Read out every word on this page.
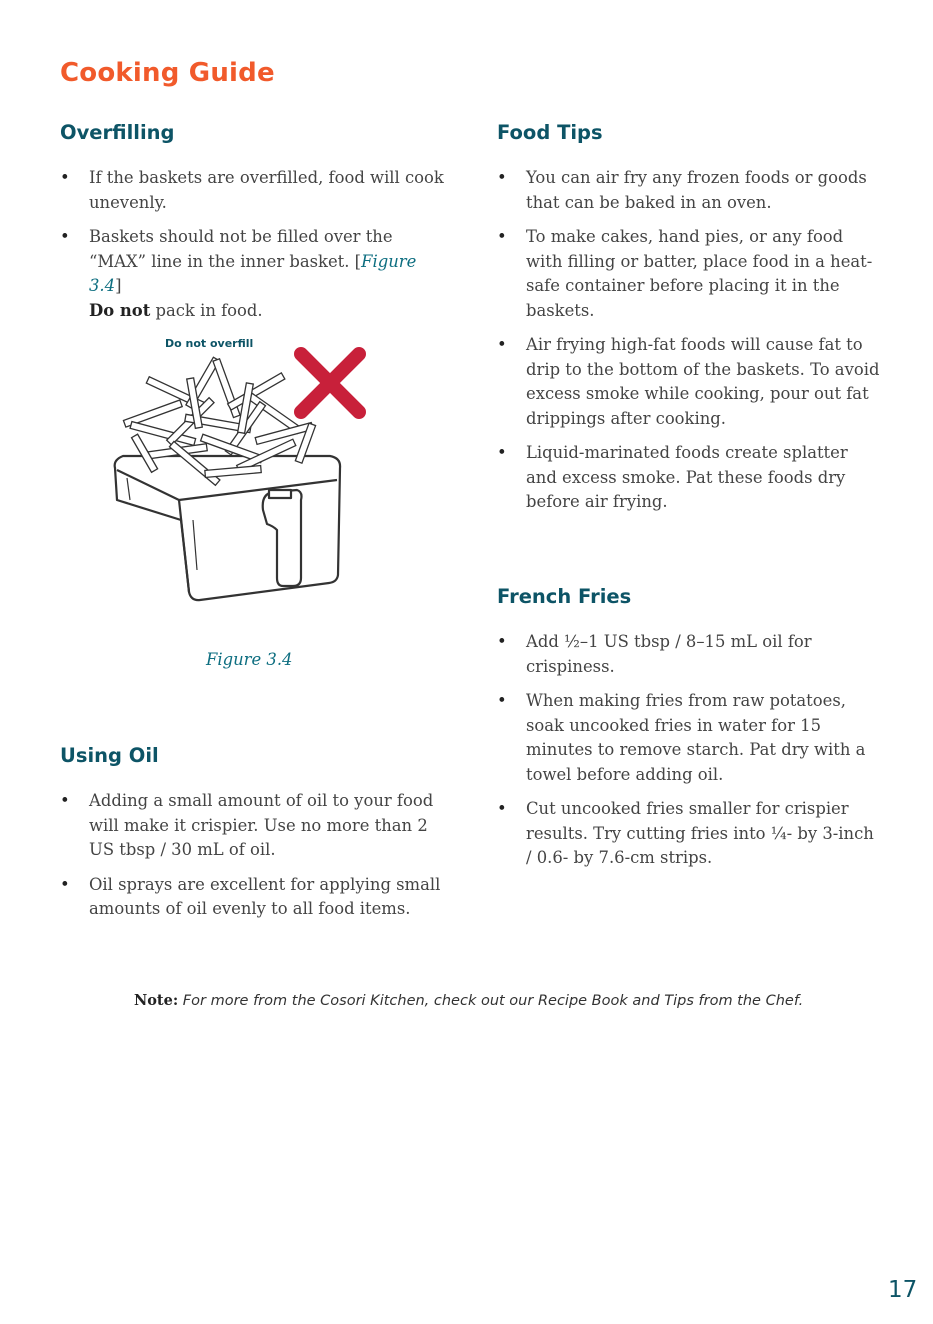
Cooking Guide
Overfilling
• If the baskets are overfilled, food will cook unevenly.
• Baskets should not be filled over the “MAX” line in the inner basket. [Figure 3.4]
Do not pack in food.
Do not overfill
Figure 3.4
Using Oil
• Adding a small amount of oil to your food will make it crispier. Use no more than 2 US tbsp / 30 mL of oil.
• Oil sprays are excellent for applying small amounts of oil evenly to all food items.
Food Tips
• You can air fry any frozen foods or goods that can be baked in an oven.
• To make cakes, hand pies, or any food with filling or batter, place food in a heat-safe container before placing it in the baskets.
• Air frying high-fat foods will cause fat to drip to the bottom of the baskets. To avoid excess smoke while cooking, pour out fat drippings after cooking.
• Liquid-marinated foods create splatter and excess smoke. Pat these foods dry before air frying.
French Fries
• Add ½–1 US tbsp / 8–15 mL oil for crispiness.
• When making fries from raw potatoes, soak uncooked fries in water for 15 minutes to remove starch. Pat dry with a towel before adding oil.
• Cut uncooked fries smaller for crispier results. Try cutting fries into ¼- by 3-inch / 0.6- by 7.6-cm strips.
Note: For more from the Cosori Kitchen, check out our Recipe Book and Tips from the Chef.
17
